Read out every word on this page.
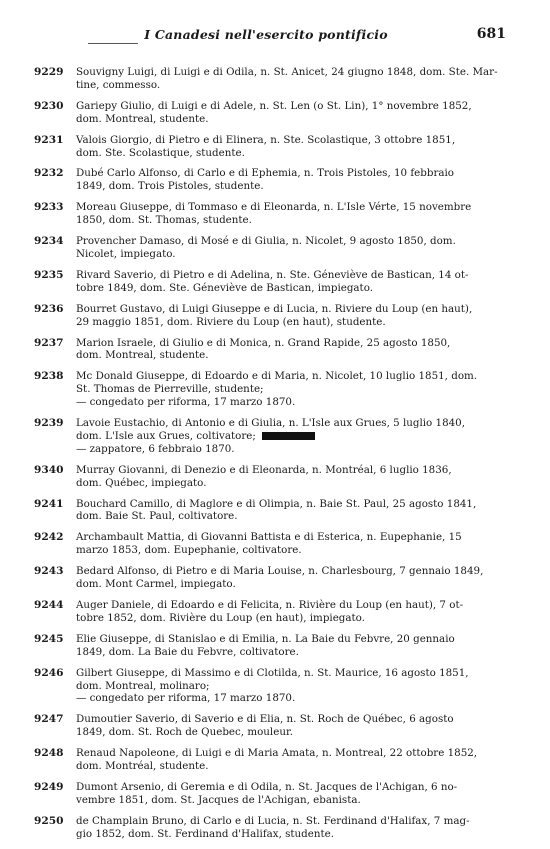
I Canadesi nell'esercito pontificio	681
9229	Souvigny Luigi, di Luigi e di Odila, n. St. Anicet, 24 giugno 1848, dom. Ste. Mar-
tine, commesso.
9230	Gariepy Giulio, di Luigi e di Adele, n. St. Len (o St. Lin), 1° novembre 1852,
dom. Montreal, studente.
9231	Valois Giorgio, di Pietro e di Elinera, n. Ste. Scolastique, 3 ottobre 1851,
dom. Ste. Scolastique, studente.
9232	Dubé Carlo Alfonso, di Carlo e di Ephemia, n. Trois Pistoles, 10 febbraio
1849, dom. Trois Pistoles, studente.
9233	Moreau Giuseppe, di Tommaso e di Eleonarda, n. L'Isle Vérte, 15 novembre
1850, dom. St. Thomas, studente.
9234	Provencher Damaso, di Mosé e di Giulia, n. Nicolet, 9 agosto 1850, dom.
Nicolet, impiegato.
9235	Rivard Saverio, di Pietro e di Adelina, n. Ste. Géneviève de Bastican, 14 ot-
tobre 1849, dom. Ste. Géneviève de Bastican, impiegato.
9236	Bourret Gustavo, di Luigi Giuseppe e di Lucia, n. Riviere du Loup (en haut),
29 maggio 1851, dom. Riviere du Loup (en haut), studente.
9237	Marion Israele, di Giulio e di Monica, n. Grand Rapide, 25 agosto 1850,
dom. Montreal, studente.
9238	Mc Donald Giuseppe, di Edoardo e di Maria, n. Nicolet, 10 luglio 1851, dom.
St. Thomas de Pierreville, studente;
— congedato per riforma, 17 marzo 1870.
9239	Lavoie Eustachio, di Antonio e di Giulia, n. L'Isle aux Grues, 5 luglio 1840,
dom. L'Isle aux Grues, coltivatore;
— zappatore, 6 febbraio 1870.
9340	Murray Giovanni, di Denezio e di Eleonarda, n. Montréal, 6 luglio 1836,
dom. Québec, impiegato.
9241	Bouchard Camillo, di Maglore e di Olimpia, n. Baie St. Paul, 25 agosto 1841,
dom. Baie St. Paul, coltivatore.
9242	Archambault Mattia, di Giovanni Battista e di Esterica, n. Eupephanie, 15
marzo 1853, dom. Eupephanie, coltivatore.
9243	Bedard Alfonso, di Pietro e di Maria Louise, n. Charlesbourg, 7 gennaio 1849,
dom. Mont Carmel, impiegato.
9244	Auger Daniele, di Edoardo e di Felicita, n. Rivière du Loup (en haut), 7 ot-
tobre 1852, dom. Rivière du Loup (en haut), impiegato.
9245	Elie Giuseppe, di Stanislao e di Emilia, n. La Baie du Febvre, 20 gennaio
1849, dom. La Baie du Febvre, coltivatore.
9246	Gilbert Giuseppe, di Massimo e di Clotilda, n. St. Maurice, 16 agosto 1851,
dom. Montreal, molinaro;
— congedato per riforma, 17 marzo 1870.
9247	Dumoutier Saverio, di Saverio e di Elia, n. St. Roch de Québec, 6 agosto
1849, dom. St. Roch de Quebec, mouleur.
9248	Renaud Napoleone, di Luigi e di Maria Amata, n. Montreal, 22 ottobre 1852,
dom. Montréal, studente.
9249	Dumont Arsenio, di Geremia e di Odila, n. St. Jacques de l'Achigan, 6 no-
vembre 1851, dom. St. Jacques de l'Achigan, ebanista.
9250	de Champlain Bruno, di Carlo e di Lucia, n. St. Ferdinand d'Halifax, 7 mag-
gio 1852, dom. St. Ferdinand d'Halifax, studente.
